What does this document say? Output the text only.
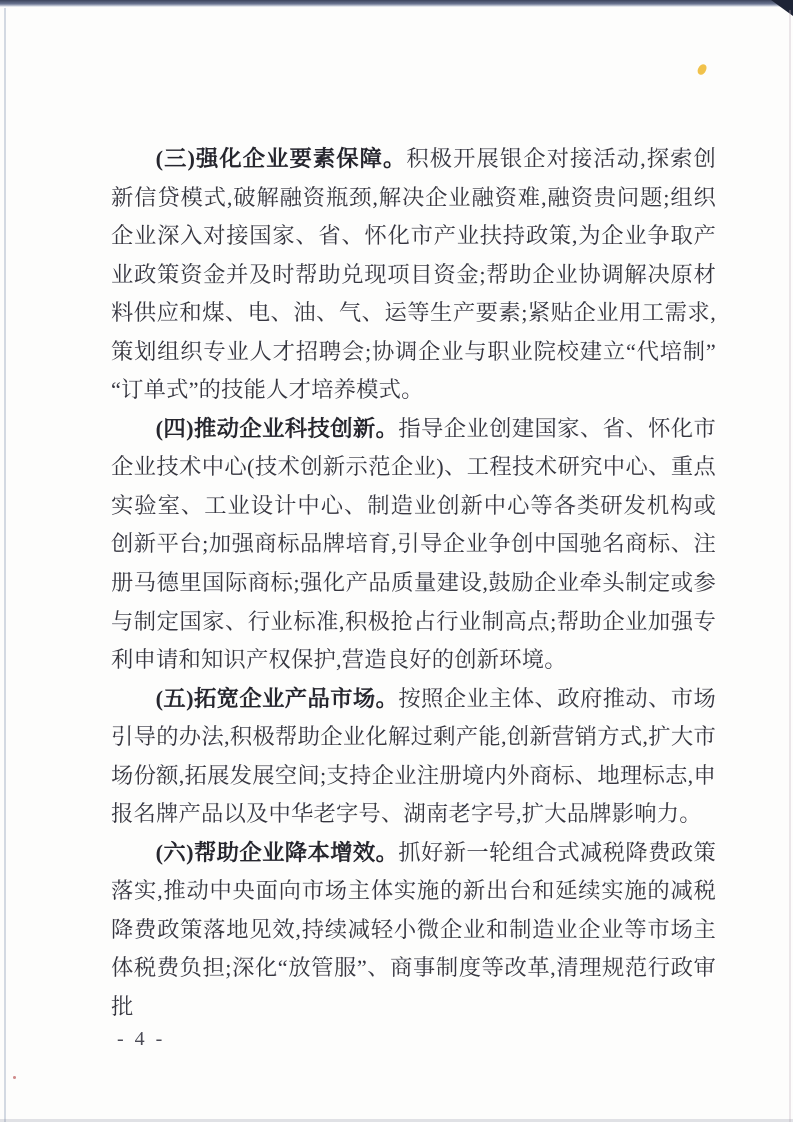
(三)强化企业要素保障。积极开展银企对接活动,探索创新信贷模式,破解融资瓶颈,解决企业融资难,融资贵问题;组织企业深入对接国家、省、怀化市产业扶持政策,为企业争取产业政策资金并及时帮助兑现项目资金;帮助企业协调解决原材料供应和煤、电、油、气、运等生产要素;紧贴企业用工需求,策划组织专业人才招聘会;协调企业与职业院校建立“代培制”“订单式”的技能人才培养模式。

(四)推动企业科技创新。指导企业创建国家、省、怀化市企业技术中心(技术创新示范企业)、工程技术研究中心、重点实验室、工业设计中心、制造业创新中心等各类研发机构或创新平台;加强商标品牌培育,引导企业争创中国驰名商标、注册马德里国际商标;强化产品质量建设,鼓励企业牵头制定或参与制定国家、行业标准,积极抢占行业制高点;帮助企业加强专利申请和知识产权保护,营造良好的创新环境。

(五)拓宽企业产品市场。按照企业主体、政府推动、市场引导的办法,积极帮助企业化解过剩产能,创新营销方式,扩大市场份额,拓展发展空间;支持企业注册境内外商标、地理标志,申报名牌产品以及中华老字号、湖南老字号,扩大品牌影响力。

(六)帮助企业降本增效。抓好新一轮组合式减税降费政策落实,推动中央面向市场主体实施的新出台和延续实施的减税降费政策落地见效,持续减轻小微企业和制造业企业等市场主体税费负担;深化“放管服”、商事制度等改革,清理规范行政审批

- 4 -
